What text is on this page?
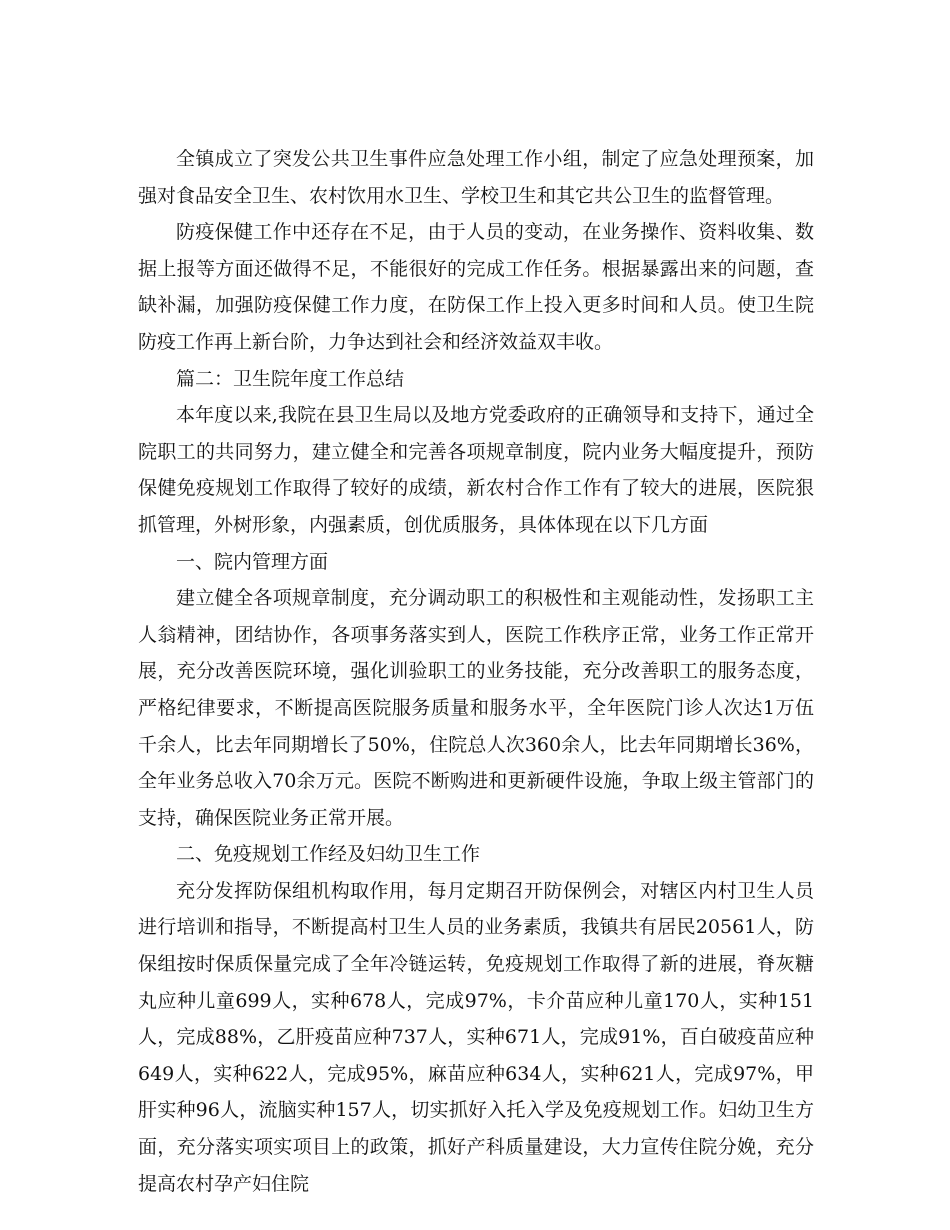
全镇成立了突发公共卫生事件应急处理工作小组，制定了应急处理预案，加强对食品安全卫生、农村饮用水卫生、学校卫生和其它共公卫生的监督管理。

防疫保健工作中还存在不足，由于人员的变动，在业务操作、资料收集、数据上报等方面还做得不足，不能很好的完成工作任务。根据暴露出来的问题，查缺补漏，加强防疫保健工作力度，在防保工作上投入更多时间和人员。使卫生院防疫工作再上新台阶，力争达到社会和经济效益双丰收。

篇二：卫生院年度工作总结

本年度以来,我院在县卫生局以及地方党委政府的正确领导和支持下，通过全院职工的共同努力，建立健全和完善各项规章制度，院内业务大幅度提升，预防保健免疫规划工作取得了较好的成绩，新农村合作工作有了较大的进展，医院狠抓管理，外树形象，内强素质，创优质服务，具体体现在以下几方面

一、院内管理方面

建立健全各项规章制度，充分调动职工的积极性和主观能动性，发扬职工主人翁精神，团结协作，各项事务落实到人，医院工作秩序正常，业务工作正常开展，充分改善医院环境，强化训验职工的业务技能，充分改善职工的服务态度，严格纪律要求，不断提高医院服务质量和服务水平，全年医院门诊人次达1万伍千余人，比去年同期增长了50%，住院总人次360余人，比去年同期增长36%，全年业务总收入70余万元。医院不断购进和更新硬件设施，争取上级主管部门的支持，确保医院业务正常开展。

二、免疫规划工作经及妇幼卫生工作

充分发挥防保组机构取作用，每月定期召开防保例会，对辖区内村卫生人员进行培训和指导，不断提高村卫生人员的业务素质，我镇共有居民20561人，防保组按时保质保量完成了全年冷链运转，免疫规划工作取得了新的进展，脊灰糖丸应种儿童699人，实种678人，完成97%，卡介苗应种儿童170人，实种151人，完成88%，乙肝疫苗应种737人，实种671人，完成91%，百白破疫苗应种649人，实种622人，完成95%，麻苗应种634人，实种621人，完成97%，甲肝实种96人，流脑实种157人，切实抓好入托入学及免疫规划工作。妇幼卫生方面，充分落实项实项目上的政策，抓好产科质量建设，大力宣传住院分娩，充分提高农村孕产妇住院
